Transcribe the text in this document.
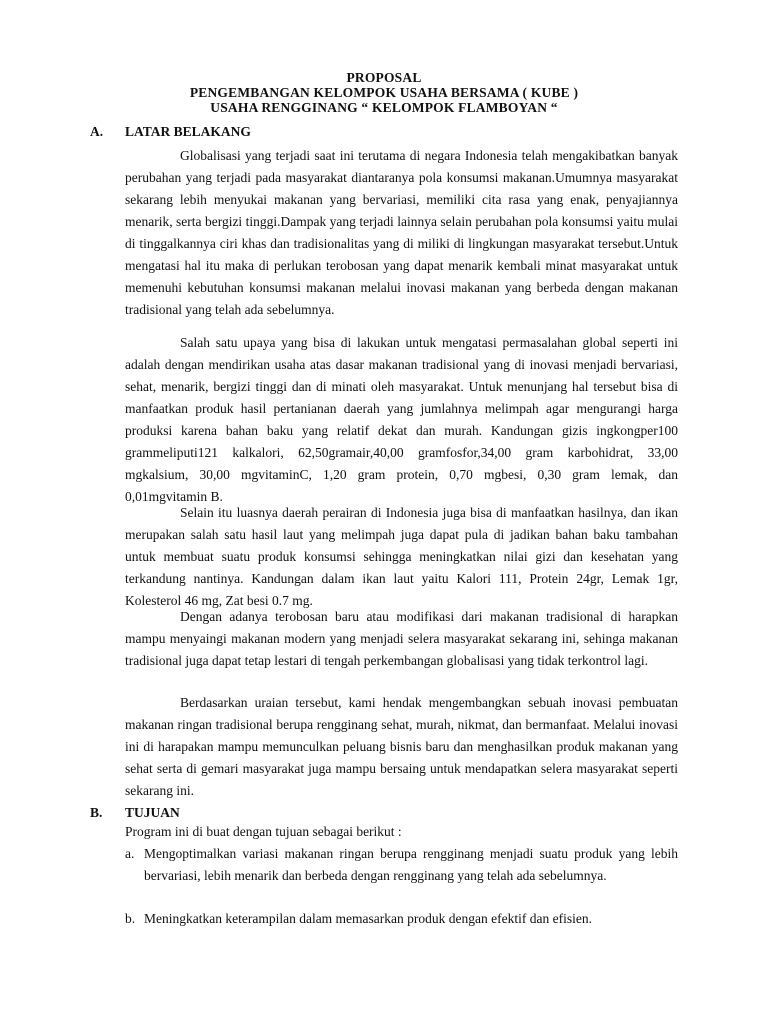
PROPOSAL
PENGEMBANGAN KELOMPOK USAHA BERSAMA ( KUBE )
USAHA RENGGINANG “ KELOMPOK FLAMBOYAN “
A. LATAR BELAKANG

Globalisasi yang terjadi saat ini terutama di negara Indonesia telah mengakibatkan banyak perubahan yang terjadi pada masyarakat diantaranya pola konsumsi makanan.Umumnya masyarakat sekarang lebih menyukai makanan yang bervariasi, memiliki cita rasa yang enak, penyajiannya menarik, serta bergizi tinggi.Dampak yang terjadi lainnya selain perubahan pola konsumsi yaitu mulai di tinggalkannya ciri khas dan tradisionalitas yang di miliki di lingkungan masyarakat tersebut.Untuk mengatasi hal itu maka di perlukan terobosan yang dapat menarik kembali minat masyarakat untuk memenuhi kebutuhan konsumsi makanan melalui inovasi makanan yang berbeda dengan makanan tradisional yang telah ada sebelumnya.

Salah satu upaya yang bisa di lakukan untuk mengatasi permasalahan global seperti ini adalah dengan mendirikan usaha atas dasar makanan tradisional yang di inovasi menjadi bervariasi, sehat, menarik, bergizi tinggi dan di minati oleh masyarakat. Untuk menunjang hal tersebut bisa di manfaatkan produk hasil pertanianan daerah yang jumlahnya melimpah agar mengurangi harga produksi karena bahan baku yang relatif dekat dan murah. Kandungan gizis ingkongper100 grammeliputi121 kalkalori, 62,50gramair,40,00 gramfosfor,34,00 gram karbohidrat, 33,00 mgkalsium, 30,00 mgvitaminC, 1,20 gram protein, 0,70 mgbesi, 0,30 gram lemak, dan 0,01mgvitamin B.

Selain itu luasnya daerah perairan di Indonesia juga bisa di manfaatkan hasilnya, dan ikan merupakan salah satu hasil laut yang melimpah juga dapat pula di jadikan bahan baku tambahan untuk membuat suatu produk konsumsi sehingga meningkatkan nilai gizi dan kesehatan yang terkandung nantinya. Kandungan dalam ikan laut yaitu Kalori 111, Protein 24gr, Lemak 1gr, Kolesterol 46 mg, Zat besi 0.7 mg.

Dengan adanya terobosan baru atau modifikasi dari makanan tradisional di harapkan mampu menyaingi makanan modern yang menjadi selera masyarakat sekarang ini, sehinga makanan tradisional juga dapat tetap lestari di tengah perkembangan globalisasi yang tidak terkontrol lagi.

Berdasarkan uraian tersebut, kami hendak mengembangkan sebuah inovasi pembuatan makanan ringan tradisional berupa rengginang sehat, murah, nikmat, dan bermanfaat. Melalui inovasi ini di harapakan mampu memunculkan peluang bisnis baru dan menghasilkan produk makanan yang sehat serta di gemari masyarakat juga mampu bersaing untuk mendapatkan selera masyarakat seperti sekarang ini.

B. TUJUAN

Program ini di buat dengan tujuan sebagai berikut :

a. Mengoptimalkan variasi makanan ringan berupa rengginang menjadi suatu produk yang lebih bervariasi, lebih menarik dan berbeda dengan rengginang yang telah ada sebelumnya.
b. Meningkatkan keterampilan dalam memasarkan produk dengan efektif dan efisien.
